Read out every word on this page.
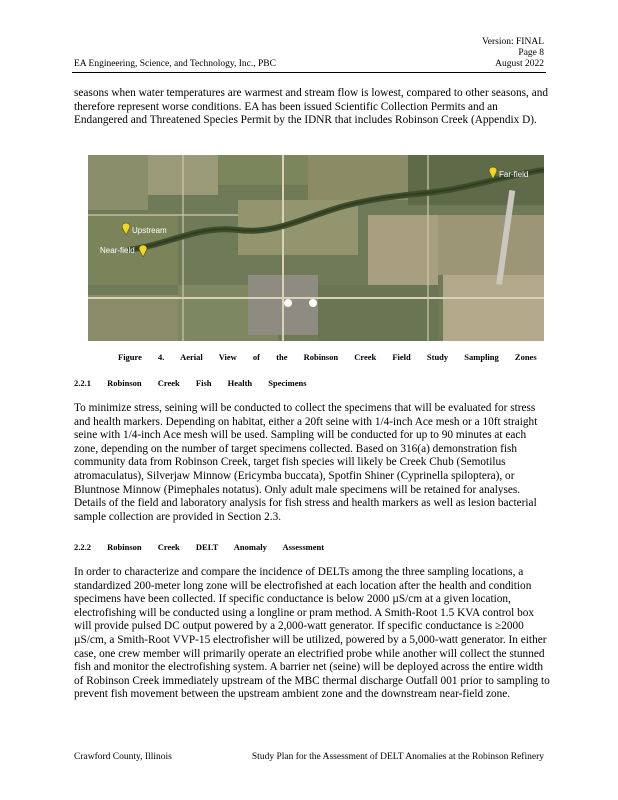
Version: FINAL
Page 8
August 2022
EA Engineering, Science, and Technology, Inc., PBC
seasons when water temperatures are warmest and stream flow is lowest, compared to other seasons, and therefore represent worse conditions. EA has been issued Scientific Collection Permits and an Endangered and Threatened Species Permit by the IDNR that includes Robinson Creek (Appendix D).
Upstream
Near-field
Far-field
Figure 4. Aerial View of the Robinson Creek Field Study Sampling Zones
2.2.1 Robinson Creek Fish Health Specimens
To minimize stress, seining will be conducted to collect the specimens that will be evaluated for stress and health markers. Depending on habitat, either a 20ft seine with 1/4-inch Ace mesh or a 10ft straight seine with 1/4-inch Ace mesh will be used. Sampling will be conducted for up to 90 minutes at each zone, depending on the number of target specimens collected. Based on 316(a) demonstration fish community data from Robinson Creek, target fish species will likely be Creek Chub (Semotilus atromaculatus), Silverjaw Minnow (Ericymba buccata), Spotfin Shiner (Cyprinella spiloptera), or Bluntnose Minnow (Pimephales notatus). Only adult male specimens will be retained for analyses. Details of the field and laboratory analysis for fish stress and health markers as well as lesion bacterial sample collection are provided in Section 2.3.
2.2.2 Robinson Creek DELT Anomaly Assessment
In order to characterize and compare the incidence of DELTs among the three sampling locations, a standardized 200-meter long zone will be electrofished at each location after the health and condition specimens have been collected. If specific conductance is below 2000 µS/cm at a given location, electrofishing will be conducted using a longline or pram method. A Smith-Root 1.5 KVA control box will provide pulsed DC output powered by a 2,000-watt generator. If specific conductance is ≥2000 µS/cm, a Smith-Root VVP-15 electrofisher will be utilized, powered by a 5,000-watt generator. In either case, one crew member will primarily operate an electrified probe while another will collect the stunned fish and monitor the electrofishing system. A barrier net (seine) will be deployed across the entire width of Robinson Creek immediately upstream of the MBC thermal discharge Outfall 001 prior to sampling to prevent fish movement between the upstream ambient zone and the downstream near-field zone.
Crawford County, Illinois	Study Plan for the Assessment of DELT Anomalies at the Robinson Refinery
